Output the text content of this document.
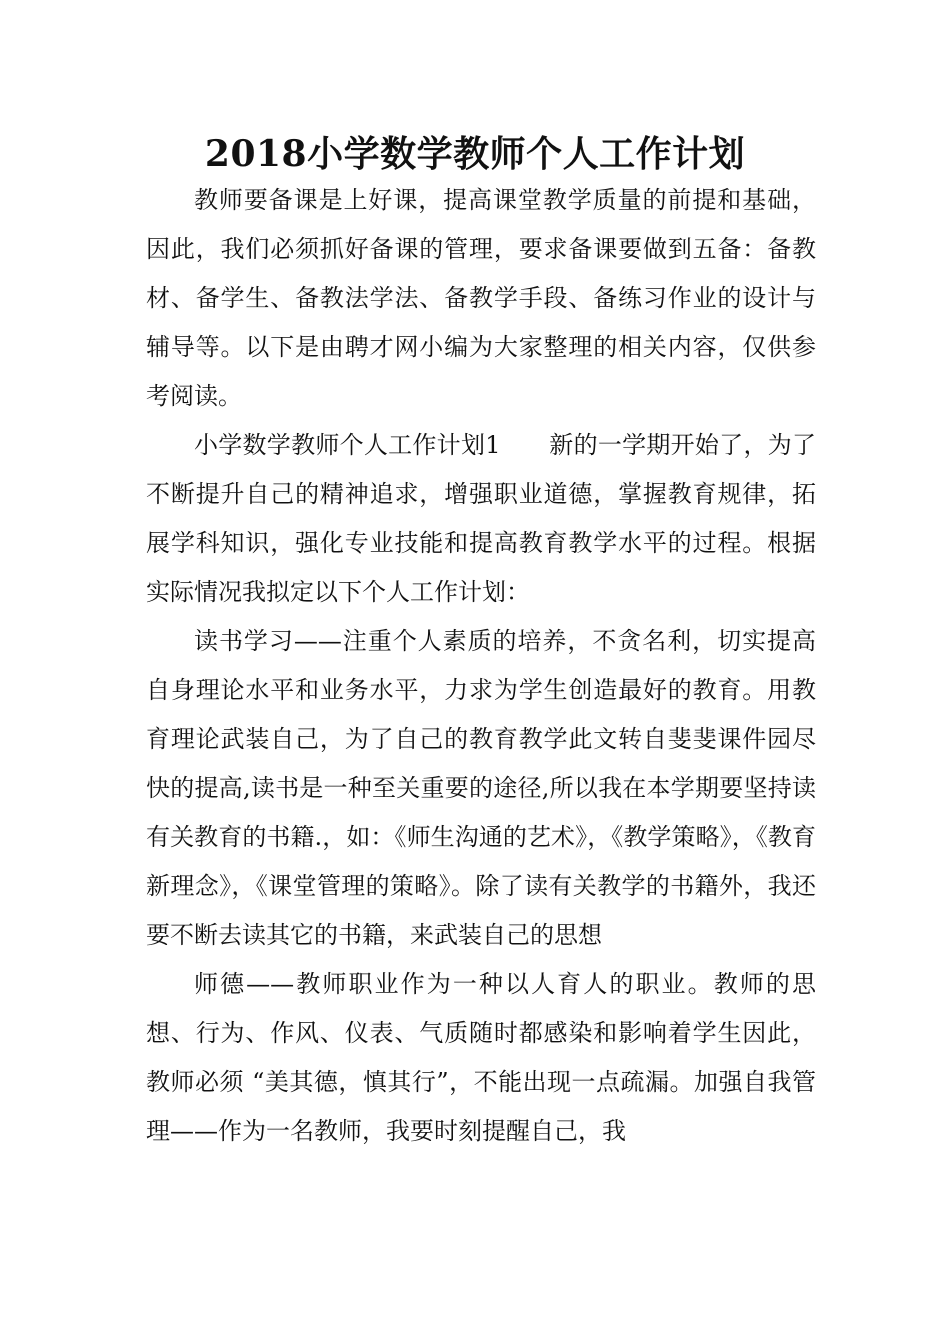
2018小学数学教师个人工作计划

教师要备课是上好课，提高课堂教学质量的前提和基础，因此，我们必须抓好备课的管理，要求备课要做到五备：备教材、备学生、备教法学法、备教学手段、备练习作业的设计与辅导等。以下是由聘才网小编为大家整理的相关内容，仅供参考阅读。

小学数学教师个人工作计划1　　新的一学期开始了，为了不断提升自己的精神追求，增强职业道德，掌握教育规律，拓展学科知识，强化专业技能和提高教育教学水平的过程。根据实际情况我拟定以下个人工作计划：

读书学习——注重个人素质的培养，不贪名利，切实提高自身理论水平和业务水平，力求为学生创造最好的教育。用教育理论武装自己，为了自己的教育教学此文转自斐斐课件园尽快的提高,读书是一种至关重要的途径,所以我在本学期要坚持读有关教育的书籍.，如：《师生沟通的艺术》，《教学策略》，《教育新理念》，《课堂管理的策略》。除了读有关教学的书籍外，我还要不断去读其它的书籍，来武装自己的思想

师德——教师职业作为一种以人育人的职业。教师的思想、行为、作风、仪表、气质随时都感染和影响着学生因此，教师必须 “美其德，慎其行”，不能出现一点疏漏。加强自我管理——作为一名教师，我要时刻提醒自己，我
